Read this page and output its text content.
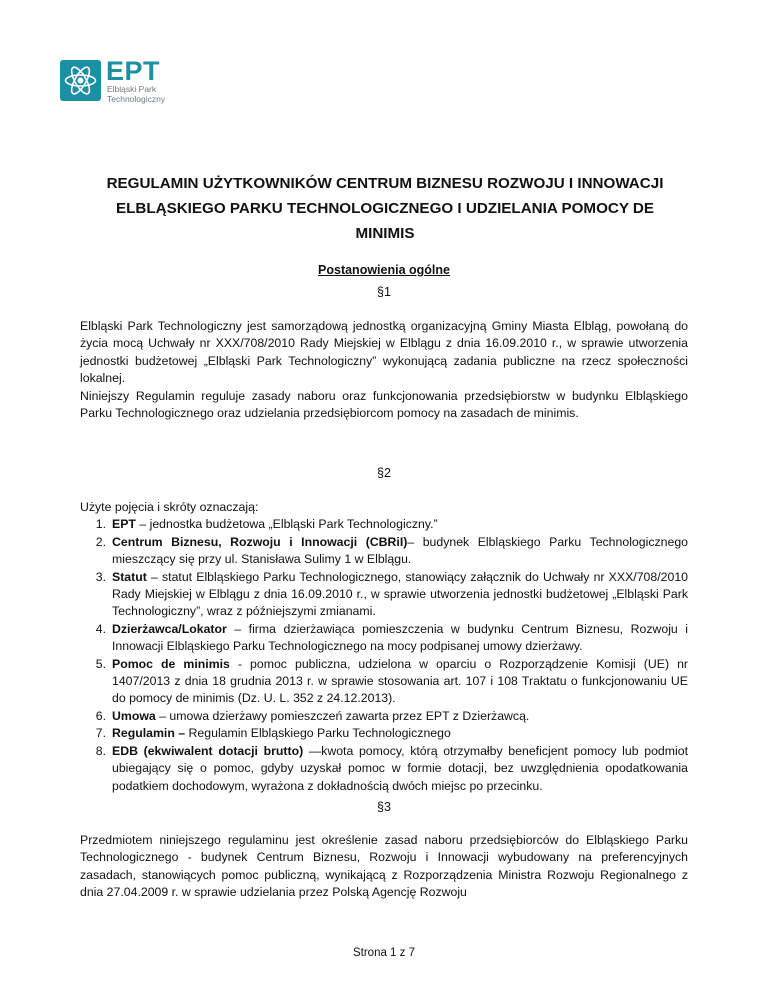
EPT
Elbląski Park
Technologiczny
REGULAMIN UŻYTKOWNIKÓW CENTRUM BIZNESU ROZWOJU I INNOWACJI ELBLĄSKIEGO PARKU TECHNOLOGICZNEGO I UDZIELANIA POMOCY DE MINIMIS
Postanowienia ogólne
§1

Elbląski Park Technologiczny jest samorządową jednostką organizacyjną Gminy Miasta Elbląg, powołaną do życia mocą Uchwały nr XXX/708/2010 Rady Miejskiej w Elblągu z dnia 16.09.2010 r., w sprawie utworzenia jednostki budżetowej „Elbląski Park Technologiczny” wykonującą zadania publiczne na rzecz społeczności lokalnej.

Niniejszy Regulamin reguluje zasady naboru oraz funkcjonowania przedsiębiorstw w budynku Elbląskiego Parku Technologicznego oraz udzielania przedsiębiorcom pomocy na zasadach de minimis.

§2

Użyte pojęcia i skróty oznaczają:

1. EPT – jednostka budżetowa „Elbląski Park Technologiczny.”
2. Centrum Biznesu, Rozwoju i Innowacji (CBRiI)– budynek Elbląskiego Parku Technologicznego mieszczący się przy ul. Stanisława Sulimy 1 w Elblągu.
3. Statut – statut Elbląskiego Parku Technologicznego, stanowiący załącznik do Uchwały nr XXX/708/2010 Rady Miejskiej w Elblągu z dnia 16.09.2010 r., w sprawie utworzenia jednostki budżetowej „Elbląski Park Technologiczny”, wraz z późniejszymi zmianami.
4. Dzierżawca/Lokator – firma dzierżawiąca pomieszczenia w budynku Centrum Biznesu, Rozwoju i Innowacji Elbląskiego Parku Technologicznego na mocy podpisanej umowy dzierżawy.
5. Pomoc de minimis - pomoc publiczna, udzielona w oparciu o Rozporządzenie Komisji (UE) nr 1407/2013 z dnia 18 grudnia 2013 r. w sprawie stosowania art. 107 i 108 Traktatu o funkcjonowaniu UE do pomocy de minimis (Dz. U. L. 352 z 24.12.2013).
6. Umowa – umowa dzierżawy pomieszczeń zawarta przez EPT z Dzierżawcą.
7. Regulamin – Regulamin Elbląskiego Parku Technologicznego
8. EDB (ekwiwalent dotacji brutto) —kwota pomocy, którą otrzymałby beneficjent pomocy lub podmiot ubiegający się o pomoc, gdyby uzyskał pomoc w formie dotacji, bez uwzględnienia opodatkowania podatkiem dochodowym, wyrażona z dokładnością dwóch miejsc po przecinku.
§3

Przedmiotem niniejszego regulaminu jest określenie zasad naboru przedsiębiorców do Elbląskiego Parku Technologicznego - budynek Centrum Biznesu, Rozwoju i Innowacji wybudowany na preferencyjnych zasadach, stanowiących pomoc publiczną, wynikającą z Rozporządzenia Ministra Rozwoju Regionalnego z dnia 27.04.2009 r. w sprawie udzielania przez Polską Agencję Rozwoju

Strona 1 z 7
